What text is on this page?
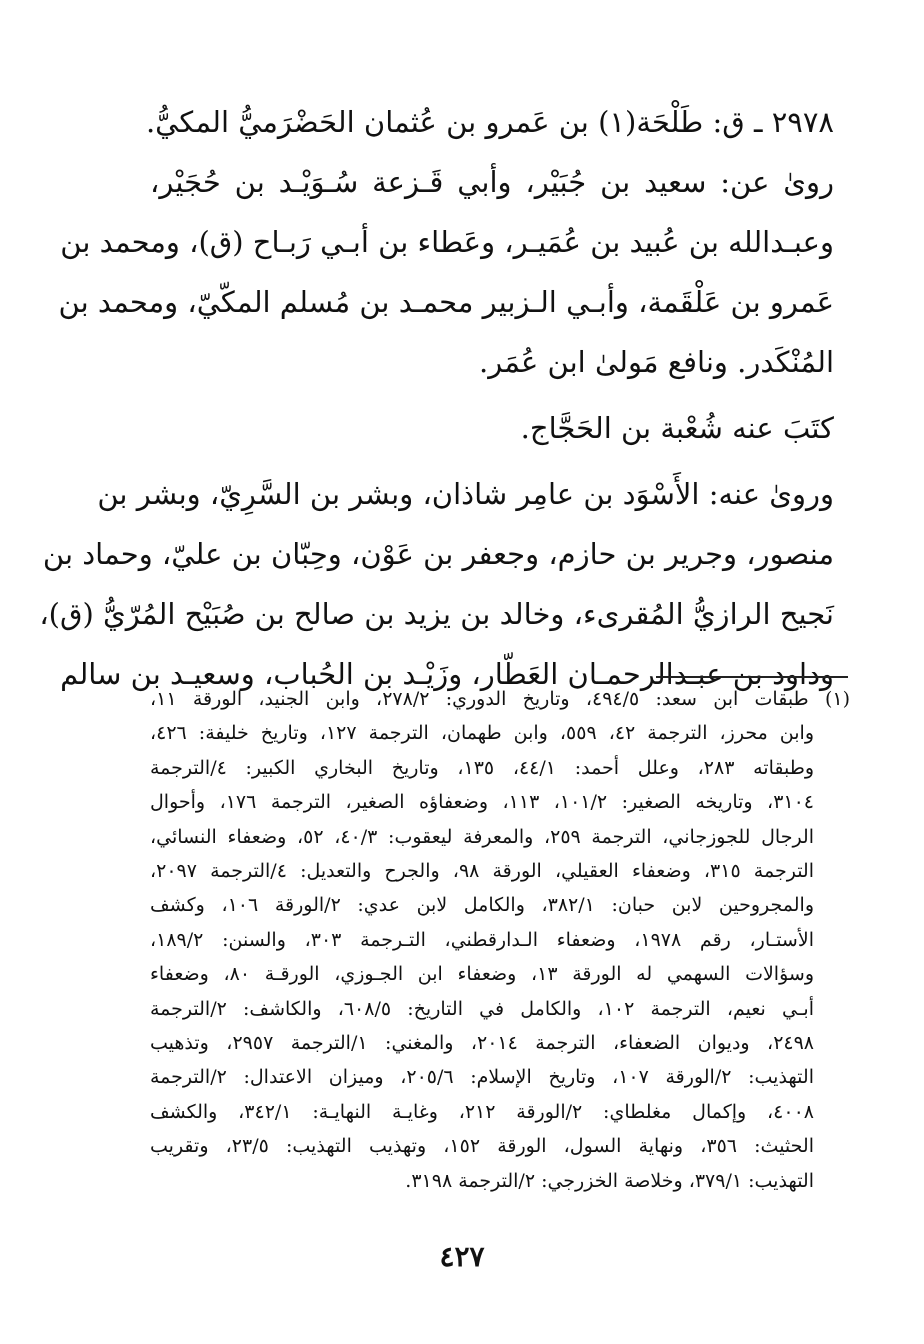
٢٩٧٨ ـ ق: طَلْحَة(١) بن عَمرو بن عُثمان الحَضْرَميُّ المكيُّ.
روىٰ عن: سعيد بن جُبَيْر، وأبي قَـزعة سُـوَيْـد بن حُجَيْر،
وعبـدالله بن عُبيد بن عُمَيـر، وعَطاء بن أبـي رَبـاح (ق)، ومحمد بن
عَمرو بن عَلْقَمة، وأبـي الـزبير محمـد بن مُسلم المكّيّ، ومحمد بن
المُنْكَدر. ونافع مَولىٰ ابن عُمَر.
كتَبَ عنه شُعْبة بن الحَجَّاج.
وروىٰ عنه: الأَسْوَد بن عامِر شاذان، وبشر بن السَّرِيّ، وبشر بن
منصور، وجرير بن حازم، وجعفر بن عَوْن، وحِبّان بن عليّ، وحماد بن
نَجيح الرازيُّ المُقرىء، وخالد بن يزيد بن صالح بن صُبَيْح المُرّيُّ (ق)،
وداود بن عبـدالرحمـان العَطّار، وزَيْـد بن الحُباب، وسعيـد بن سالم
(١) طبقات ابن سعد: ٤٩٤/٥، وتاريخ الدوري: ٢٧٨/٢، وابن الجنيد، الورقة ١١،
وابن محرز، الترجمة ٤٢، ٥٥٩، وابن طهمان، الترجمة ١٢٧، وتاريخ خليفة: ٤٢٦،
وطبقاته ٢٨٣، وعلل أحمد: ٤٤/١، ١٣٥، وتاريخ البخاري الكبير: ٤/الترجمة
٣١٠٤، وتاريخه الصغير: ١٠١/٢، ١١٣، وضعفاؤه الصغير، الترجمة ١٧٦، وأحوال
الرجال للجوزجاني، الترجمة ٢٥٩، والمعرفة ليعقوب: ٤٠/٣، ٥٢، وضعفاء النسائي،
الترجمة ٣١٥، وضعفاء العقيلي، الورقة ٩٨، والجرح والتعديل: ٤/الترجمة ٢٠٩٧،
والمجروحين لابن حبان: ٣٨٢/١، والكامل لابن عدي: ٢/الورقة ١٠٦، وكشف
الأستـار، رقم ١٩٧٨، وضعفاء الـدارقطني، التـرجمة ٣٠٣، والسنن: ١٨٩/٢،
وسؤالات السهمي له الورقة ١٣، وضعفاء ابن الجـوزي، الورقـة ٨٠، وضعفاء
أبـي نعيم، الترجمة ١٠٢، والكامل في التاريخ: ٦٠٨/٥، والكاشف: ٢/الترجمة
٢٤٩٨، وديوان الضعفاء، الترجمة ٢٠١٤، والمغني: ١/الترجمة ٢٩٥٧، وتذهيب
التهذيب: ٢/الورقة ١٠٧، وتاريخ الإسلام: ٢٠٥/٦، وميزان الاعتدال: ٢/الترجمة
٤٠٠٨، وإكمال مغلطاي: ٢/الورقة ٢١٢، وغايـة النهايـة: ٣٤٢/١، والكشف
الحثيث: ٣٥٦، ونهاية السول، الورقة ١٥٢، وتهذيب التهذيب: ٢٣/٥، وتقريب
التهذيب: ٣٧٩/١، وخلاصة الخزرجي: ٢/الترجمة ٣١٩٨.
٤٢٧
